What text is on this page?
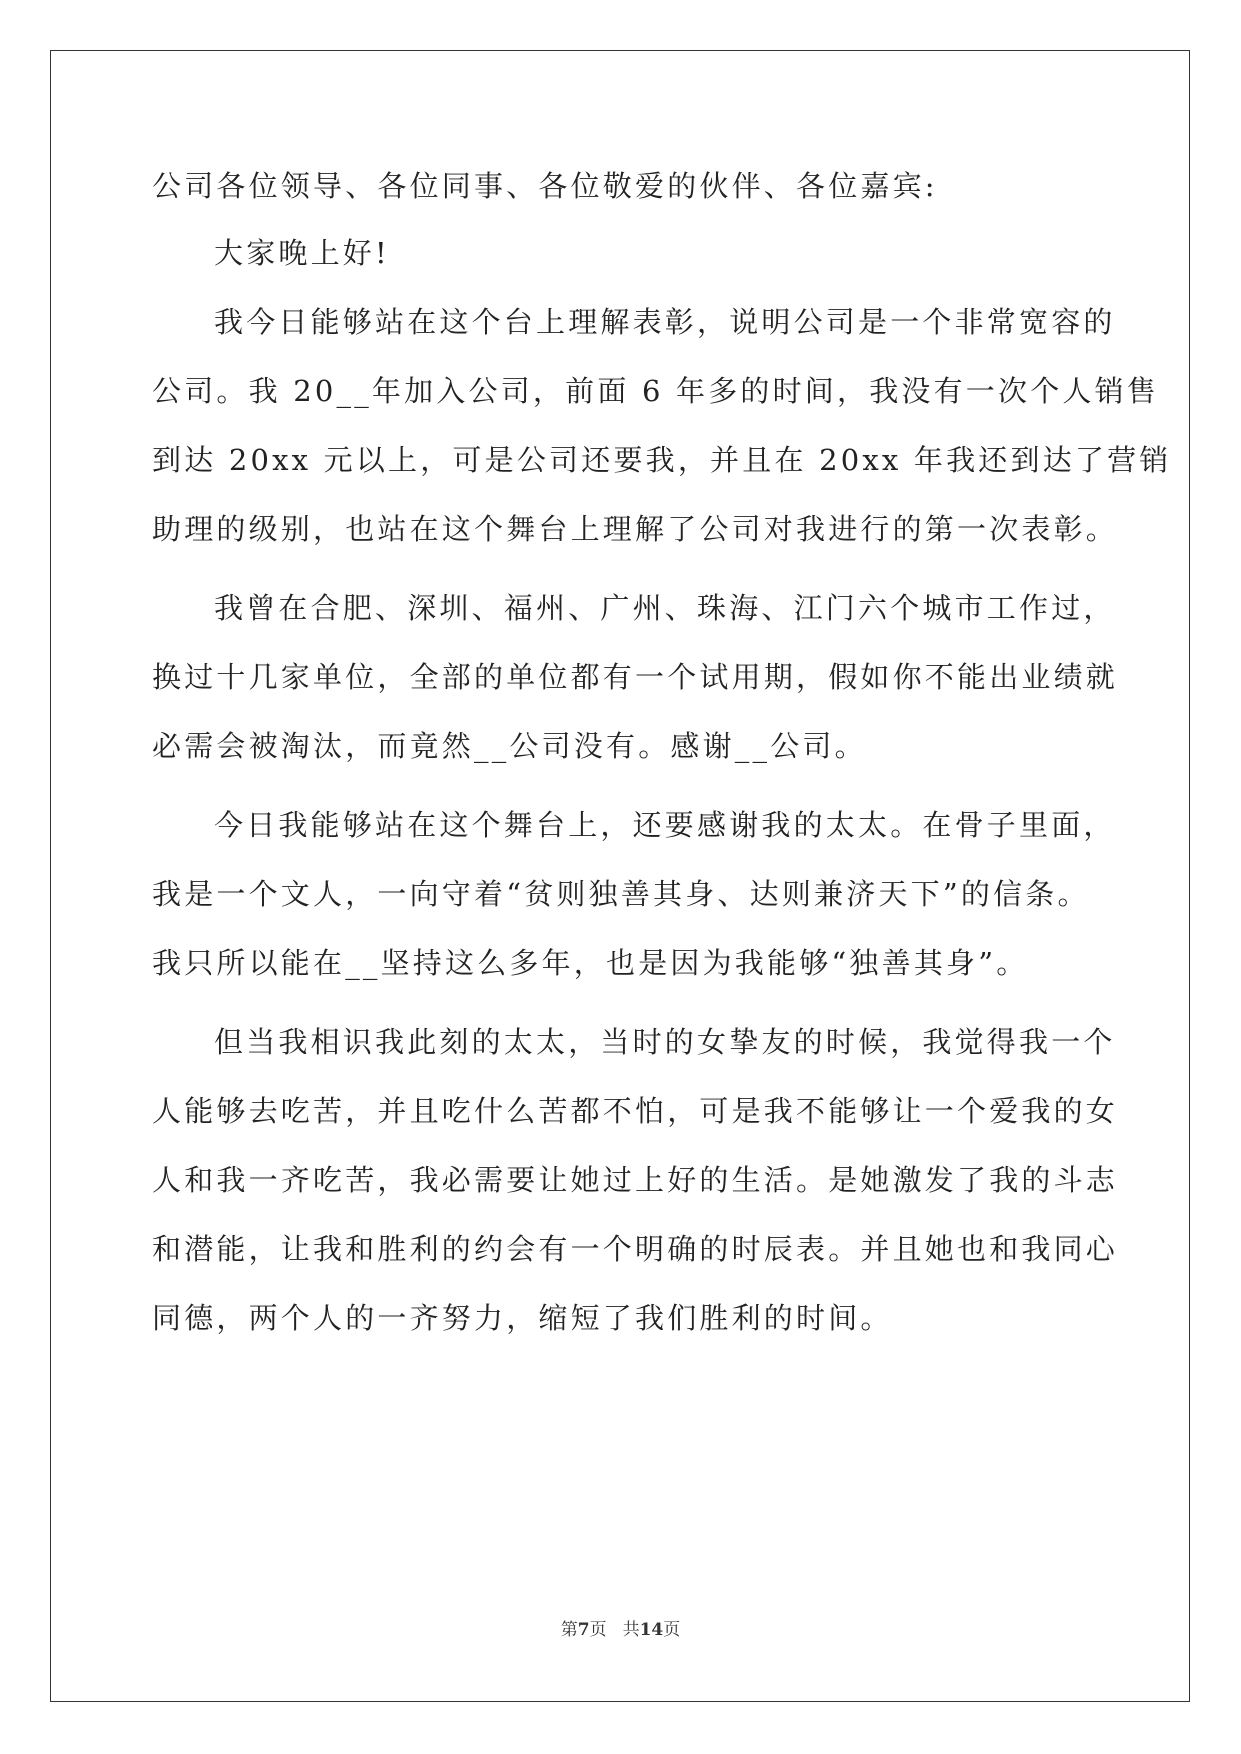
公司各位领导、各位同事、各位敬爱的伙伴、各位嘉宾:
大家晚上好!
我今日能够站在这个台上理解表彰，说明公司是一个非常宽容的
公司。我 20__年加入公司，前面 6 年多的时间，我没有一次个人销售
到达 20xx 元以上，可是公司还要我，并且在 20xx 年我还到达了营销
助理的级别，也站在这个舞台上理解了公司对我进行的第一次表彰。
我曾在合肥、深圳、福州、广州、珠海、江门六个城市工作过，
换过十几家单位，全部的单位都有一个试用期，假如你不能出业绩就
必需会被淘汰，而竟然__公司没有。感谢__公司。
今日我能够站在这个舞台上，还要感谢我的太太。在骨子里面，
我是一个文人，一向守着“贫则独善其身、达则兼济天下”的信条。
我只所以能在__坚持这么多年，也是因为我能够“独善其身”。
但当我相识我此刻的太太，当时的女挚友的时候，我觉得我一个
人能够去吃苦，并且吃什么苦都不怕，可是我不能够让一个爱我的女
人和我一齐吃苦，我必需要让她过上好的生活。是她激发了我的斗志
和潜能，让我和胜利的约会有一个明确的时辰表。并且她也和我同心
同德，两个人的一齐努力，缩短了我们胜利的时间。
第7页 共14页
